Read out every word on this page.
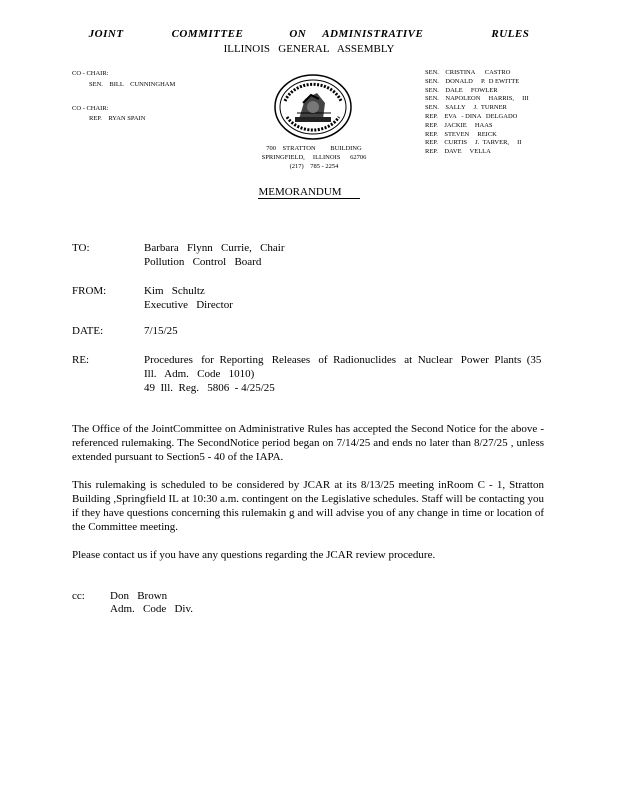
JOINT	COMMITTEE	ON ADMINISTRATIVE	RULES
ILLINOIS   GENERAL   ASSEMBLY
CO - CHAIR:
SEN.    BILL    CUNNINGHAM
CO - CHAIR:
REP.    RYAN SPAIN
SEN.    CRISTINA      CASTRO
SEN.    DONALD     P.  D EWITTE
SEN.    DALE     FOWLER
SEN.    NAPOLEON     HARRIS,     III
SEN.    SALLY     J.  TURNER
REP.    EVA   - DINA   DELGADO
REP.    JACKIE     HAAS
REP.    STEVEN     REICK
REP.    CURTIS     J.  TARVER,     II
REP.    DAVE     VELLA
700    STRATTON         BUILDING
SPRINGFIELD,     ILLINOIS      62706
(217)    785 - 2254
MEMORANDUM
TO:	Barbara   Flynn   Currie,   Chair
Pollution   Control   Board
FROM:	Kim   Schultz
Executive   Director
DATE:	7/15/25
RE:	Procedures   for  Reporting   Releases   of  Radionuclides   at  Nuclear   Power  Plants  (35
Ill.   Adm.   Code   1010)
49  Ill.  Reg.   5806  - 4/25/25
The Office of the JointCommittee on Administrative Rules has accepted the Second Notice for the above - referenced rulemaking. The SecondNotice period began on 7/14/25 and ends no later than 8/27/25 , unless extended pursuant to Section5 - 40 of the IAPA.
This rulemaking is scheduled to be considered by JCAR at its 8/13/25 meeting inRoom C - 1, Stratton Building ,Springfield IL at 10:30 a.m. contingent on the Legislative schedules. Staff will be contacting you if they have questions concerning this rulemakin g and will advise you of any change in time or location of the Committee meeting.
Please contact us if you have any questions regarding the JCAR review procedure.
cc: Don   Brown
Adm.   Code   Div.
